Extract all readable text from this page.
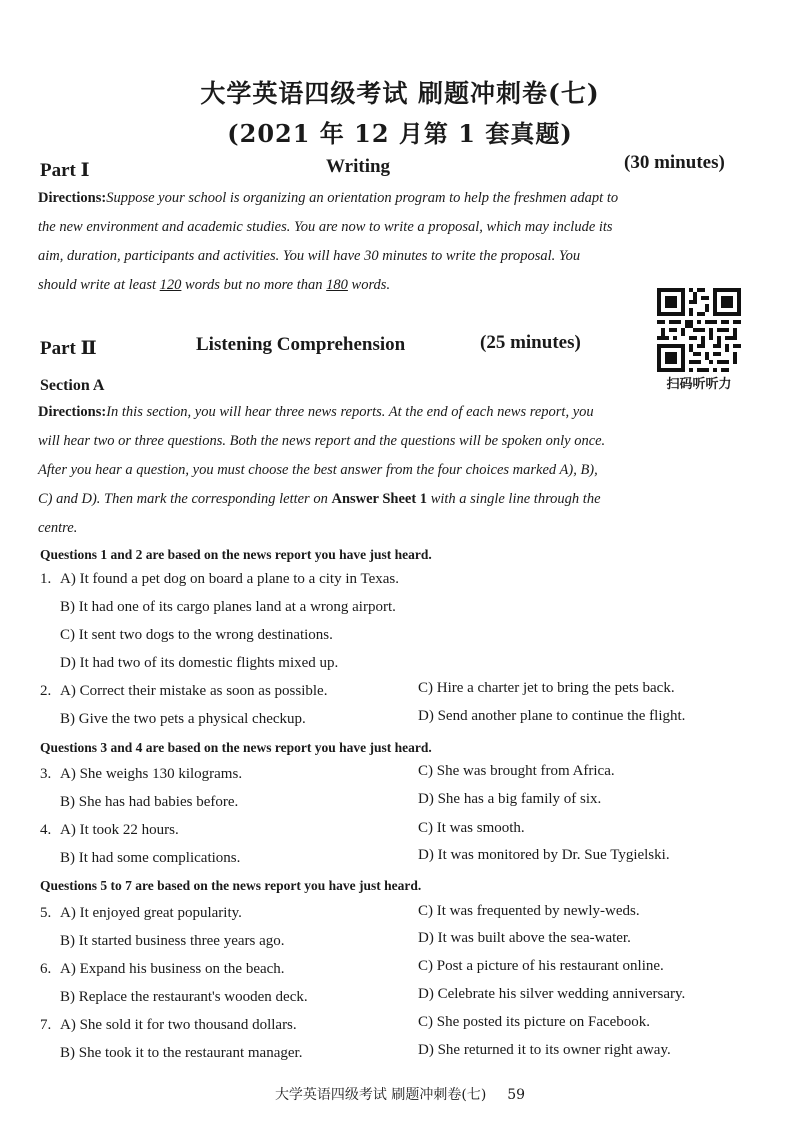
大学英语四级考试 刷题冲刺卷(七)
(2021 年 12 月第 1 套真题)
Part Ⅰ	Writing	(30 minutes)
Directions:Suppose your school is organizing an orientation program to help the freshmen adapt to
the new environment and academic studies. You are now to write a proposal, which may include its
aim, duration, participants and activities. You will have 30 minutes to write the proposal. You
should write at least 120 words but no more than 180 words.
扫码听听力
Part Ⅱ	Listening Comprehension	(25 minutes)
Section A
Directions:In this section, you will hear three news reports. At the end of each news report, you
will hear two or three questions. Both the news report and the questions will be spoken only once.
After you hear a question, you must choose the best answer from the four choices marked A), B),
C) and D). Then mark the corresponding letter on Answer Sheet 1 with a single line through the
centre.
Questions 1 and 2 are based on the news report you have just heard.
1. A) It found a pet dog on board a plane to a city in Texas.
B) It had one of its cargo planes land at a wrong airport.
C) It sent two dogs to the wrong destinations.
D) It had two of its domestic flights mixed up.
2. A) Correct their mistake as soon as possible.	C) Hire a charter jet to bring the pets back.
B) Give the two pets a physical checkup.	D) Send another plane to continue the flight.
Questions 3 and 4 are based on the news report you have just heard.
3. A) She weighs 130 kilograms.	C) She was brought from Africa.
B) She has had babies before.	D) She has a big family of six.
4. A) It took 22 hours.	C) It was smooth.
B) It had some complications.	D) It was monitored by Dr. Sue Tygielski.
Questions 5 to 7 are based on the news report you have just heard.
5. A) It enjoyed great popularity.	C) It was frequented by newly-weds.
B) It started business three years ago.	D) It was built above the sea-water.
6. A) Expand his business on the beach.	C) Post a picture of his restaurant online.
B) Replace the restaurant's wooden deck.	D) Celebrate his silver wedding anniversary.
7. A) She sold it for two thousand dollars.	C) She posted its picture on Facebook.
B) She took it to the restaurant manager.	D) She returned it to its owner right away.
大学英语四级考试 刷题冲刺卷(七) 59
